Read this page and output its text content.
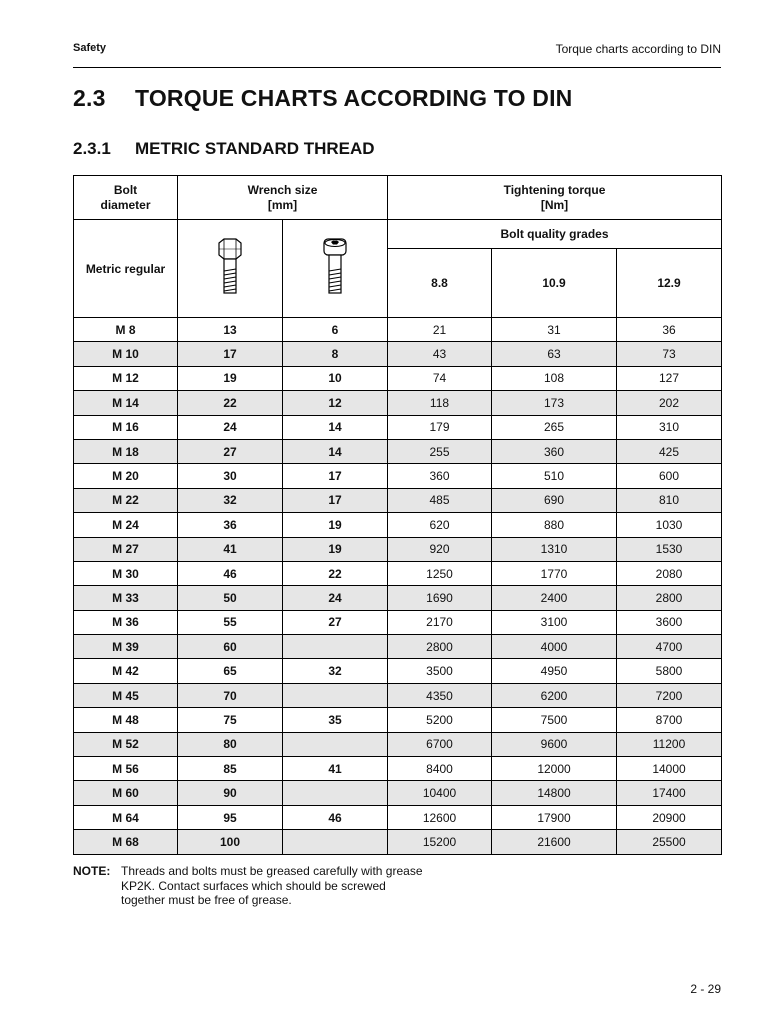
Safety	Torque charts according to DIN
2.3 TORQUE CHARTS ACCORDING TO DIN
2.3.1 METRIC STANDARD THREAD
Bolt diameter	Wrench size [mm]		Tightening torque [Nm]		

Metric regular			Bolt quality grades		
			8.8	10.9	12.9
M 8	13	6	21	31	36
M 10	17	8	43	63	73
M 12	19	10	74	108	127
M 14	22	12	118	173	202
M 16	24	14	179	265	310
M 18	27	14	255	360	425
M 20	30	17	360	510	600
M 22	32	17	485	690	810
M 24	36	19	620	880	1030
M 27	41	19	920	1310	1530
M 30	46	22	1250	1770	2080
M 33	50	24	1690	2400	2800
M 36	55	27	2170	3100	3600
M 39	60		2800	4000	4700
M 42	65	32	3500	4950	5800
M 45	70		4350	6200	7200
M 48	75	35	5200	7500	8700
M 52	80		6700	9600	11200
M 56	85	41	8400	12000	14000
M 60	90		10400	14800	17400
M 64	95	46	12600	17900	20900
M 68	100		15200	21600	25500
NOTE: Threads and bolts must be greased carefully with grease
KP2K. Contact surfaces which should be screwed
together must be free of grease.
2 - 29
